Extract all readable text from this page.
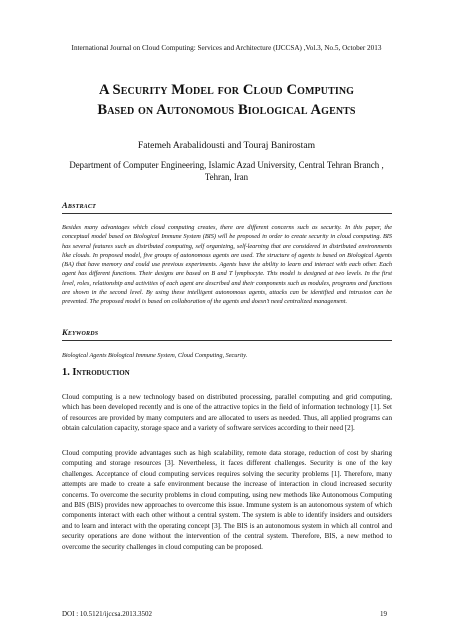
International Journal on Cloud Computing: Services and Architecture (IJCCSA) ,Vol.3, No.5, October 2013
A Security Model for Cloud Computing
Based on Autonomous Biological Agents
Fatemeh Arabalidousti and Touraj Banirostam
Department of Computer Engineering, Islamic Azad University, Central Tehran Branch , Tehran, Iran
Abstract
Besides many advantages which cloud computing creates, there are different concerns such as security. In this paper, the conceptual model based on Biological Immune System (BIS) will be proposed in order to create security in cloud computing. BIS has several features such as distributed computing, self organizing, self-learning that are considered in distributed environments like clouds. In proposed model, five groups of autonomous agents are used. The structure of agents is based on Biological Agents (BA) that have memory and could use previous experiments. Agents have the ability to learn and interact with each other. Each agent has different functions. Their designs are based on B and T lymphocyte. This model is designed at two levels. In the first level, roles, relationship and activities of each agent are described and their components such as modules, programs and functions are shown in the second level. By using these intelligent autonomous agents, attacks can be identified and intrusion can be prevented. The proposed model is based on collaboration of the agents and doesn't need centralized management.
Keywords
Biological Agents Biological Immune System, Cloud Computing, Security.
1. Introduction
Cloud computing is a new technology based on distributed processing, parallel computing and grid computing, which has been developed recently and is one of the attractive topics in the field of information technology [1]. Set of resources are provided by many computers and are allocated to users as needed. Thus, all applied programs can obtain calculation capacity, storage space and a variety of software services according to their need [2].
Cloud computing provide advantages such as high scalability, remote data storage, reduction of cost by sharing computing and storage resources [3]. Nevertheless, it faces different challenges. Security is one of the key challenges. Acceptance of cloud computing services requires solving the security problems [1]. Therefore, many attempts are made to create a safe environment because the increase of interaction in cloud increased security concerns. To overcome the security problems in cloud computing, using new methods like Autonomous Computing and BIS (BIS) provides new approaches to overcome this issue. Immune system is an autonomous system of which components interact with each other without a central system. The system is able to identify insiders and outsiders and to learn and interact with the operating concept [3]. The BIS is an autonomous system in which all control and security operations are done without the intervention of the central system. Therefore, BIS, a new method to overcome the security challenges in cloud computing can be proposed.
DOI : 10.5121/ijccsa.2013.3502	19
